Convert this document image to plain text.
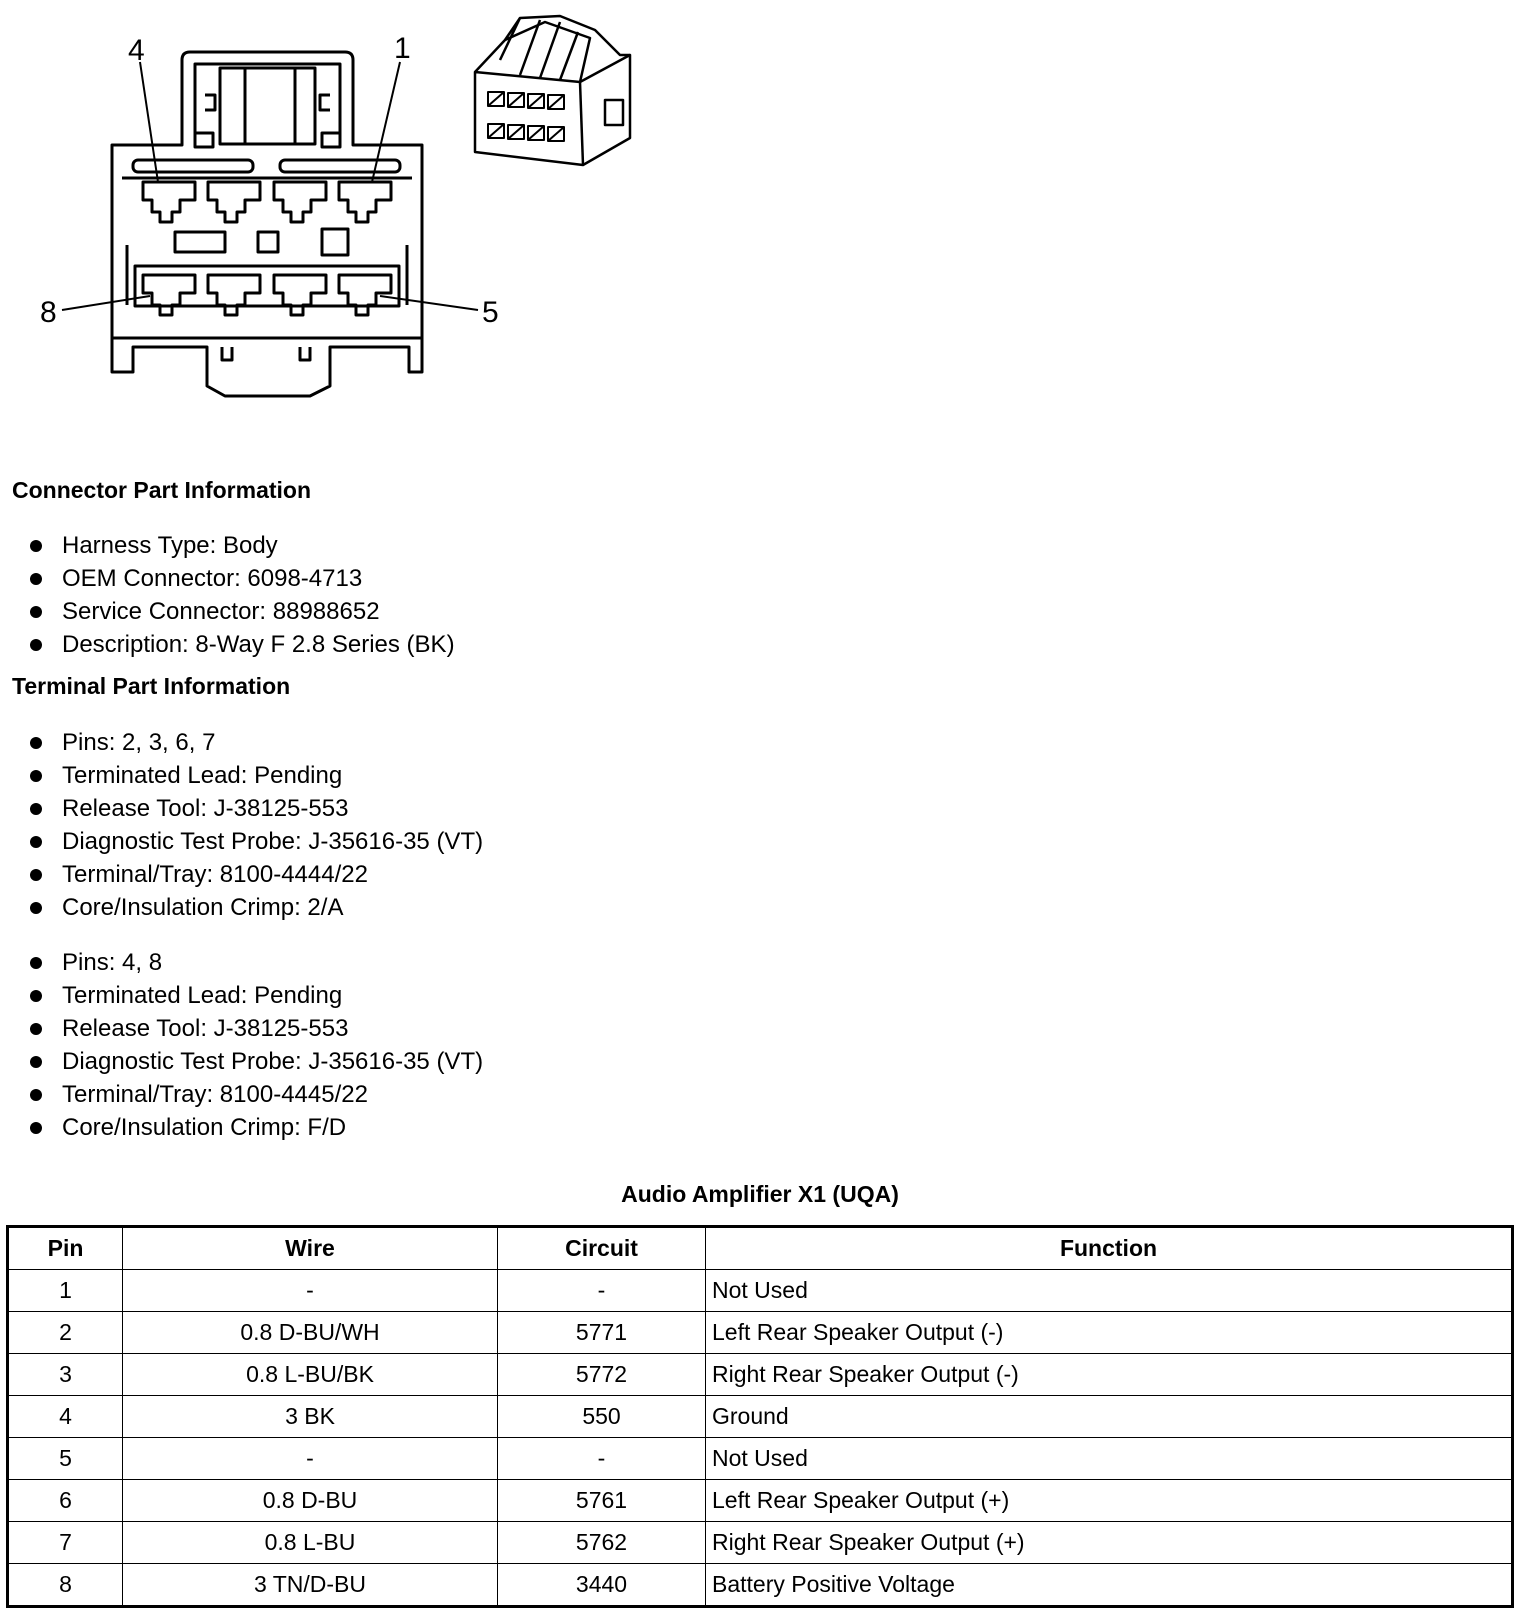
4	1
8	5
Connector Part Information
Harness Type: Body
OEM Connector: 6098-4713
Service Connector: 88988652
Description: 8-Way F 2.8 Series (BK)
Terminal Part Information
Pins: 2, 3, 6, 7
Terminated Lead: Pending
Release Tool: J-38125-553
Diagnostic Test Probe: J-35616-35 (VT)
Terminal/Tray: 8100-4444/22
Core/Insulation Crimp: 2/A
Pins: 4, 8
Terminated Lead: Pending
Release Tool: J-38125-553
Diagnostic Test Probe: J-35616-35 (VT)
Terminal/Tray: 8100-4445/22
Core/Insulation Crimp: F/D
Audio Amplifier X1 (UQA)
Pin	Wire	Circuit	Function
1	-	-	Not Used
2	0.8 D-BU/WH	5771	Left Rear Speaker Output (-)
3	0.8 L-BU/BK	5772	Right Rear Speaker Output (-)
4	3 BK	550	Ground
5	-	-	Not Used
6	0.8 D-BU	5761	Left Rear Speaker Output (+)
7	0.8 L-BU	5762	Right Rear Speaker Output (+)
8	3 TN/D-BU	3440	Battery Positive Voltage
